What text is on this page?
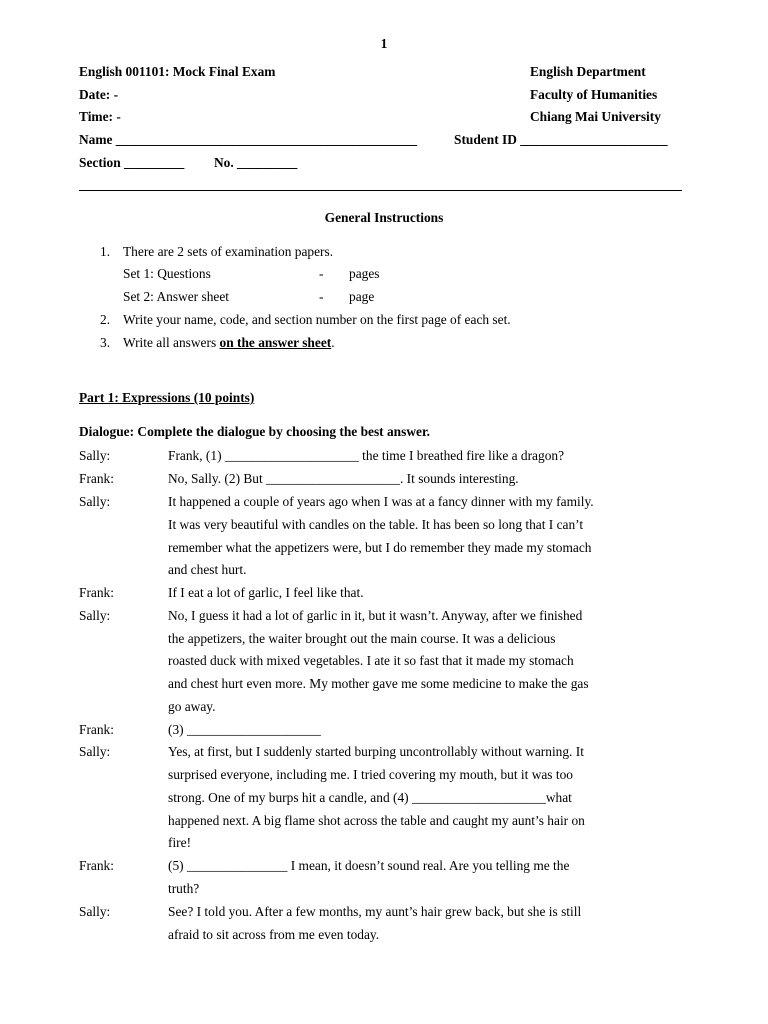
1
English 001101: Mock Final Exam
Date: -
Time: -
Name _____________________________________________
Section _________ No. _________
English Department
Faculty of Humanities
Chiang Mai University
Student ID ______________________
General Instructions
1. There are 2 sets of examination papers.
Set 1: Questions	- pages
Set 2: Answer sheet	- page
2. Write your name, code, and section number on the first page of each set.
3. Write all answers on the answer sheet.
Part 1: Expressions (10 points)
Dialogue: Complete the dialogue by choosing the best answer.
Sally:	Frank, (1) ____________________ the time I breathed fire like a dragon?
Frank:	No, Sally. (2) But ____________________. It sounds interesting.
Sally:	It happened a couple of years ago when I was at a fancy dinner with my family.
It was very beautiful with candles on the table. It has been so long that I can’t
remember what the appetizers were, but I do remember they made my stomach
and chest hurt.
Frank:	If I eat a lot of garlic, I feel like that.
Sally:	No, I guess it had a lot of garlic in it, but it wasn’t. Anyway, after we finished
the appetizers, the waiter brought out the main course. It was a delicious
roasted duck with mixed vegetables. I ate it so fast that it made my stomach
and chest hurt even more. My mother gave me some medicine to make the gas
go away.
Frank:	(3) ____________________
Sally:	Yes, at first, but I suddenly started burping uncontrollably without warning. It
surprised everyone, including me. I tried covering my mouth, but it was too
strong. One of my burps hit a candle, and (4) ____________________what
happened next. A big flame shot across the table and caught my aunt’s hair on
fire!
Frank:	(5) _______________ I mean, it doesn’t sound real. Are you telling me the
truth?
Sally:	See? I told you. After a few months, my aunt’s hair grew back, but she is still
afraid to sit across from me even today.
